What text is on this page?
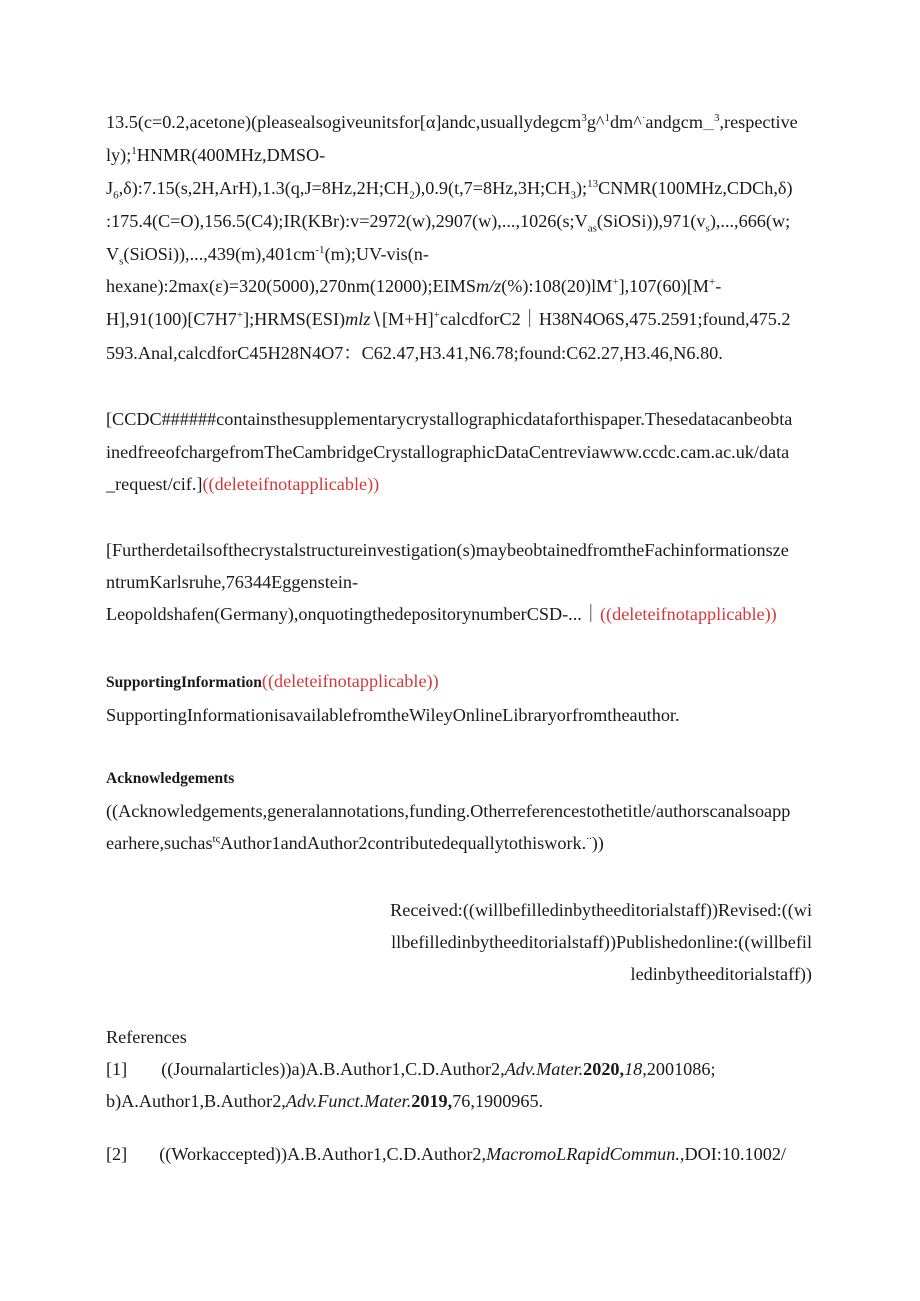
13.5(c=0.2,acetone)(pleasealsogiveunitsfor[α]andc,usuallydegcm$^3$g^$^1$dm^·andgcm$_—^3$,respective
ly);$^1$HNMR(400MHz,DMSO-
$J_6,\delta):7.15(s,2H,ArH),1.3(q,J=8Hz,2H;CH_2),0.9(t,7=8Hz,3H;CH_3);^{13}CNMR(100MHz,CDCh,\delta)$
$:175.4(C=O),156.5(C4);IR(KBr):v=2972(w),2907(w),...,1026(s;V_{as}(SiOSi)),971(v_s),...,666(w$;
$V_s(SiOSi)),...,439(m),401cm^{-1}(m);UV-vis(n-$
hexane):2max(ε)=320(5000),270nm(12000);EIMSm/z(%):108(20)lM+],107(60)[M+-
H],91(100)[C7H7+];HRMS(ESI)mlz∖[M+H]+calcdforC2｜H38N4O6S,475.2591;found,475.2
593.Anal,calcdforC45H28N4O7：C62.47,H3.41,N6.78;found:C62.27,H3.46,N6.80.
[CCDC######containsthesupplementarycrystallographicdataforthispaper.Thesedatacanbeobta
inedfreeofchargefromTheCambridgeCrystallographicDataCentreviawww.ccdc.cam.ac.uk/data
_request/cif.]((deleteifnotapplicable))
[Furtherdetailsofthecrystalstructureinvestigation(s)maybeobtainedfromtheFachinformationsze
ntrumKarlsruhe,76344Eggenstein-
Leopoldshafen(Germany),onquotingthedepositorynumberCSD-...｜((deleteifnotapplicable))
SupportingInformation((deleteifnotapplicable))
SupportingInformationisavailablefromtheWileyOnlineLibraryorfromtheauthor.
Acknowledgements
((Acknowledgements,generalannotations,funding.Otherreferencestothetitle/authorscanalsoapp
earhere,suchas$^{t\varsigma}$Author1andAuthor2contributedequallytothiswork.∙∙))
Received:((willbefilledinbytheeditorialstaff))Revised:((wi
llbefilledinbytheeditorialstaff))Publishedonline:((willbefil
ledinbytheeditorialstaff))
References
[1] ((Journalarticles))a)A.B.Author1,C.D.Author2,Adv.Mater.2020,18,2001086;
b)A.Author1,B.Author2,Adv.Funct.Mater.2019,76,1900965.
[2] ((Workaccepted))A.B.Author1,C.D.Author2,MacromoLRapidCommun.,DOI:10.1002/
